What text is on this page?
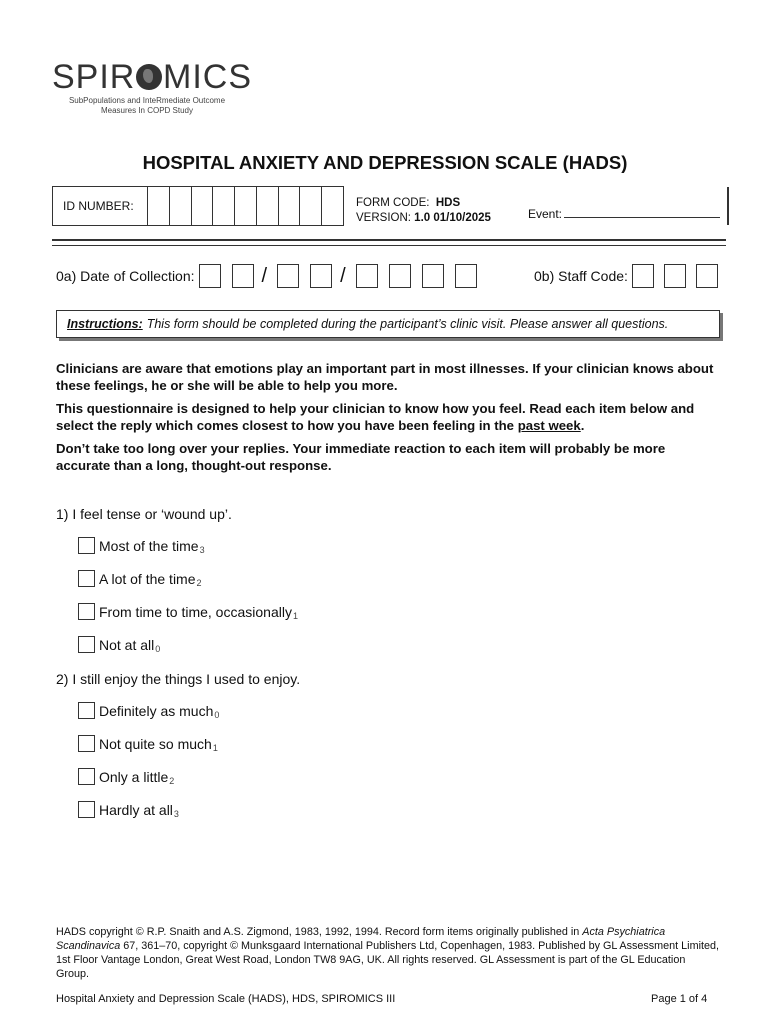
SPIR MICS
SubPopulations and InteRmediate Outcome
Measures In COPD Study
HOSPITAL ANXIETY AND DEPRESSION SCALE (HADS)
ID NUMBER:	FORM CODE: HDS
VERSION: 1.0 01/10/2025	Event:
0a) Date of Collection:	/	/	0b) Staff Code:
Instructions: This form should be completed during the participant’s clinic visit. Please answer all questions.
Clinicians are aware that emotions play an important part in most illnesses. If your clinician knows about these feelings, he or she will be able to help you more.
This questionnaire is designed to help your clinician to know how you feel. Read each item below and select the reply which comes closest to how you have been feeling in the past week.
Don’t take too long over your replies. Your immediate reaction to each item will probably be more accurate than a long, thought-out response.
1) I feel tense or ‘wound up’.
Most of the time 3
A lot of the time 2
From time to time, occasionally 1
Not at all 0
2) I still enjoy the things I used to enjoy.
Definitely as much 0
Not quite so much 1
Only a little 2
Hardly at all 3
HADS copyright © R.P. Snaith and A.S. Zigmond, 1983, 1992, 1994. Record form items originally published in Acta Psychiatrica Scandinavica 67, 361–70, copyright © Munksgaard International Publishers Ltd, Copenhagen, 1983. Published by GL Assessment Limited, 1st Floor Vantage London, Great West Road, London TW8 9AG, UK. All rights reserved. GL Assessment is part of the GL Education Group.
Hospital Anxiety and Depression Scale (HADS), HDS, SPIROMICS III	Page 1 of 4
